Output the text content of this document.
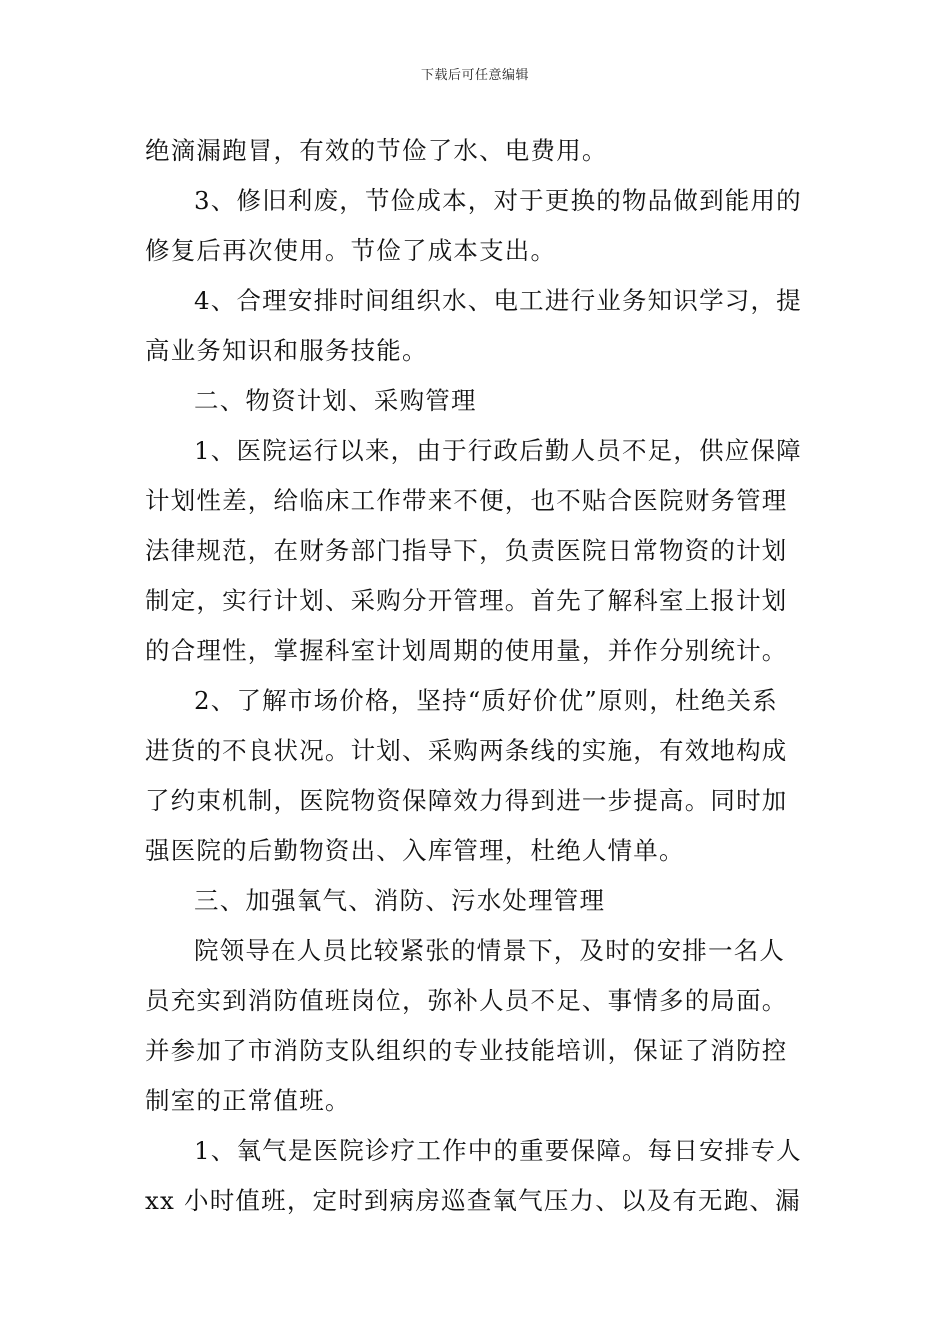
下载后可任意编辑
绝滴漏跑冒，有效的节俭了水、电费用。
3、修旧利废，节俭成本，对于更换的物品做到能用的
修复后再次使用。节俭了成本支出。
4、合理安排时间组织水、电工进行业务知识学习，提
高业务知识和服务技能。
二、物资计划、采购管理
1、医院运行以来，由于行政后勤人员不足，供应保障
计划性差，给临床工作带来不便，也不贴合医院财务管理
法律规范，在财务部门指导下，负责医院日常物资的计划
制定，实行计划、采购分开管理。首先了解科室上报计划
的合理性，掌握科室计划周期的使用量，并作分别统计。
2、了解市场价格，坚持“质好价优”原则，杜绝关系
进货的不良状况。计划、采购两条线的实施，有效地构成
了约束机制，医院物资保障效力得到进一步提高。同时加
强医院的后勤物资出、入库管理，杜绝人情单。
三、加强氧气、消防、污水处理管理
院领导在人员比较紧张的情景下，及时的安排一名人
员充实到消防值班岗位，弥补人员不足、事情多的局面。
并参加了市消防支队组织的专业技能培训，保证了消防控
制室的正常值班。
1、氧气是医院诊疗工作中的重要保障。每日安排专人
xx 小时值班，定时到病房巡查氧气压力、以及有无跑、漏
